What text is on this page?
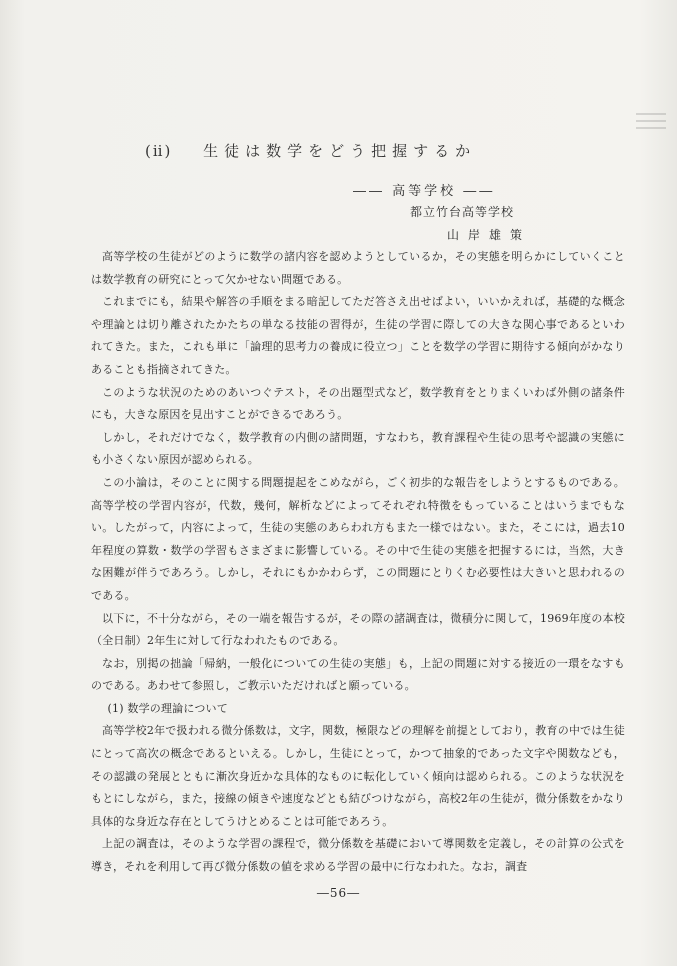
(ⅱ) 生徒は数学をどう把握するか
―― 高等学校 ――
都立竹台高等学校
山岸雄策

高等学校の生徒がどのように数学の諸内容を認めようとしているか，その実態を明らかにしていくことは数学教育の研究にとって欠かせない問題である。

これまでにも，結果や解答の手順をまる暗記してただ答さえ出せばよい，いいかえれば，基礎的な概念や理論とは切り離されたかたちの単なる技能の習得が，生徒の学習に際しての大きな関心事であるといわれてきた。また，これも単に「論理的思考力の養成に役立つ」ことを数学の学習に期待する傾向がかなりあることも指摘されてきた。

このような状況のためのあいつぐテスト，その出題型式など，数学教育をとりまくいわば外側の諸条件にも，大きな原因を見出すことができるであろう。

しかし，それだけでなく，数学教育の内側の諸問題，すなわち，教育課程や生徒の思考や認識の実態にも小さくない原因が認められる。

この小論は，そのことに関する問題提起をこめながら，ごく初歩的な報告をしようとするものである。高等学校の学習内容が，代数，幾何，解析などによってそれぞれ特徴をもっていることはいうまでもない。したがって，内容によって，生徒の実態のあらわれ方もまた一様ではない。また，そこには，過去10年程度の算数・数学の学習もさまざまに影響している。その中で生徒の実態を把握するには，当然，大きな困難が伴うであろう。しかし，それにもかかわらず，この問題にとりくむ必要性は大きいと思われるのである。

以下に，不十分ながら，その一端を報告するが，その際の諸調査は，微積分に関して，1969年度の本校（全日制）2年生に対して行なわれたものである。

なお，別掲の拙論「帰納，一般化についての生徒の実態」も，上記の問題に対する接近の一環をなすものである。あわせて参照し，ご教示いただければと願っている。

(1) 数学の理論について

高等学校2年で扱われる微分係数は，文字，関数，極限などの理解を前提としており，教育の中では生徒にとって高次の概念であるといえる。しかし，生徒にとって，かつて抽象的であった文字や関数なども，その認識の発展とともに漸次身近かな具体的なものに転化していく傾向は認められる。このような状況をもとにしながら，また，接線の傾きや速度などとも結びつけながら，高校2年の生徒が，微分係数をかなり具体的な身近な存在としてうけとめることは可能であろう。

上記の調査は，そのような学習の課程で，微分係数を基礎において導関数を定義し，その計算の公式を導き，それを利用して再び微分係数の値を求める学習の最中に行なわれた。なお，調査

―56―
